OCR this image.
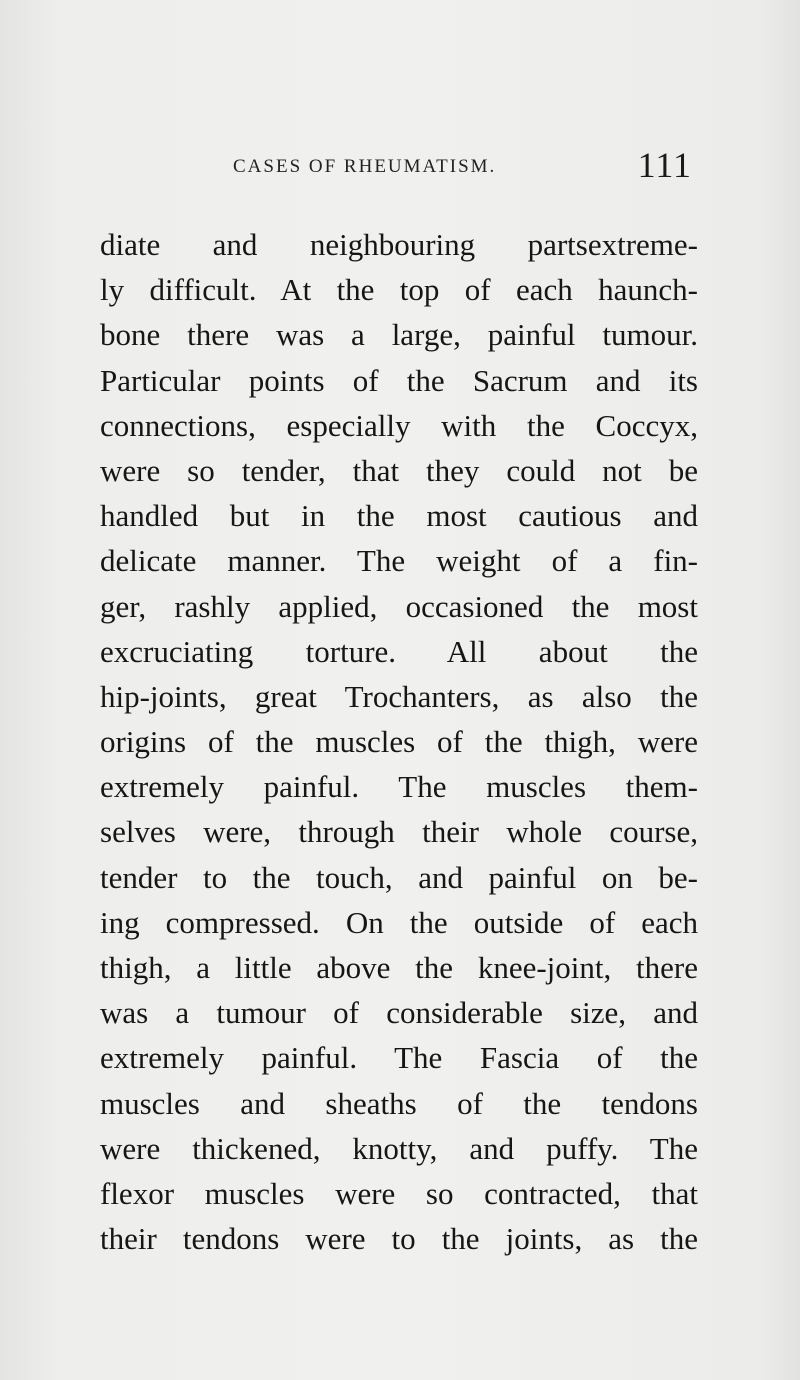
CASES OF RHEUMATISM.	111
diate and neighbouring partsextreme-
ly difficult. At the top of each haunch-
bone there was a large, painful tumour.
Particular points of the Sacrum and its
connections, especially with the Coccyx,
were so tender, that they could not be
handled but in the most cautious and
delicate manner. The weight of a fin-
ger, rashly applied, occasioned the most
excruciating torture. All about the
hip-joints, great Trochanters, as also the
origins of the muscles of the thigh, were
extremely painful. The muscles them-
selves were, through their whole course,
tender to the touch, and painful on be-
ing compressed. On the outside of each
thigh, a little above the knee-joint, there
was a tumour of considerable size, and
extremely painful. The Fascia of the
muscles and sheaths of the tendons
were thickened, knotty, and puffy. The
flexor muscles were so contracted, that
their tendons were to the joints, as the
